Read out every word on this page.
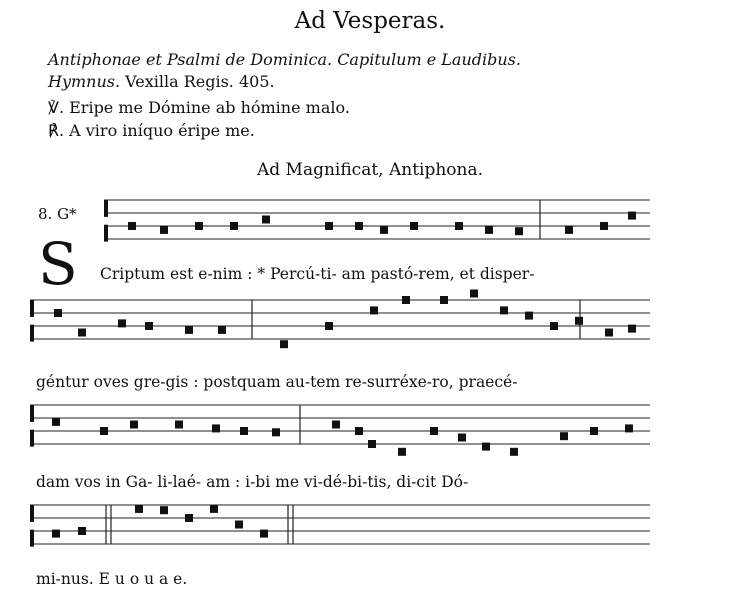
Ad Vesperas.
Antiphonae et Psalmi de Dominica. Capitulum e Laudibus.
Hymnus. Vexilla Regis. 405.
℣. Eripe me Dómine ab hómine malo.
℟. A viro iníquo éripe me.
Ad Magnificat, Antiphona.
8. G*
S Criptum est e-nim : * Percú-ti- am pastó-rem, et disper-
géntur oves gre-gis : postquam au-tem re-surréxe-ro, praecé-
dam vos in Ga- li-laé- am : i-bi me vi-dé-bi-tis, di-cit Dó-
mi-nus. E u o u a e.
